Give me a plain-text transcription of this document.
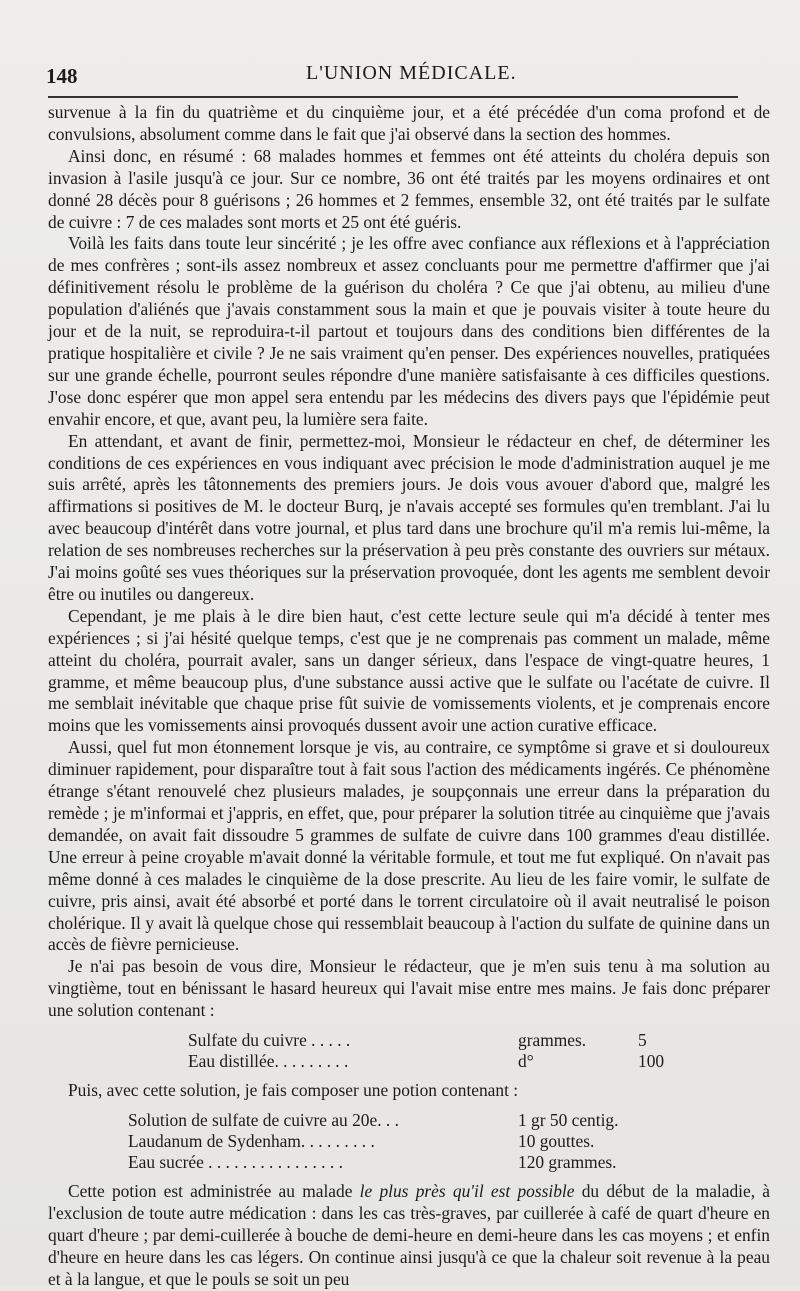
148	L'UNION MÉDICALE.

survenue à la fin du quatrième et du cinquième jour, et a été précédée d'un coma profond et de convulsions, absolument comme dans le fait que j'ai observé dans la section des hommes.

Ainsi donc, en résumé : 68 malades hommes et femmes ont été atteints du choléra depuis son invasion à l'asile jusqu'à ce jour. Sur ce nombre, 36 ont été traités par les moyens ordinaires et ont donné 28 décès pour 8 guérisons ; 26 hommes et 2 femmes, ensemble 32, ont été traités par le sulfate de cuivre : 7 de ces malades sont morts et 25 ont été guéris.

Voilà les faits dans toute leur sincérité ; je les offre avec confiance aux réflexions et à l'appréciation de mes confrères ; sont-ils assez nombreux et assez concluants pour me permettre d'affirmer que j'ai définitivement résolu le problème de la guérison du choléra ? Ce que j'ai obtenu, au milieu d'une population d'aliénés que j'avais constamment sous la main et que je pouvais visiter à toute heure du jour et de la nuit, se reproduira-t-il partout et toujours dans des conditions bien différentes de la pratique hospitalière et civile ? Je ne sais vraiment qu'en penser. Des expériences nouvelles, pratiquées sur une grande échelle, pourront seules répondre d'une manière satisfaisante à ces difficiles questions. J'ose donc espérer que mon appel sera entendu par les médecins des divers pays que l'épidémie peut envahir encore, et que, avant peu, la lumière sera faite.

En attendant, et avant de finir, permettez-moi, Monsieur le rédacteur en chef, de déterminer les conditions de ces expériences en vous indiquant avec précision le mode d'administration auquel je me suis arrêté, après les tâtonnements des premiers jours. Je dois vous avouer d'abord que, malgré les affirmations si positives de M. le docteur Burq, je n'avais accepté ses formules qu'en tremblant. J'ai lu avec beaucoup d'intérêt dans votre journal, et plus tard dans une brochure qu'il m'a remis lui-même, la relation de ses nombreuses recherches sur la préservation à peu près constante des ouvriers sur métaux. J'ai moins goûté ses vues théoriques sur la préservation provoquée, dont les agents me semblent devoir être ou inutiles ou dangereux.

Cependant, je me plais à le dire bien haut, c'est cette lecture seule qui m'a décidé à tenter mes expériences ; si j'ai hésité quelque temps, c'est que je ne comprenais pas comment un malade, même atteint du choléra, pourrait avaler, sans un danger sérieux, dans l'espace de vingt-quatre heures, 1 gramme, et même beaucoup plus, d'une substance aussi active que le sulfate ou l'acétate de cuivre. Il me semblait inévitable que chaque prise fût suivie de vomissements violents, et je comprenais encore moins que les vomissements ainsi provoqués dussent avoir une action curative efficace.

Aussi, quel fut mon étonnement lorsque je vis, au contraire, ce symptôme si grave et si douloureux diminuer rapidement, pour disparaître tout à fait sous l'action des médicaments ingérés. Ce phénomène étrange s'étant renouvelé chez plusieurs malades, je soupçonnais une erreur dans la préparation du remède ; je m'informai et j'appris, en effet, que, pour préparer la solution titrée au cinquième que j'avais demandée, on avait fait dissoudre 5 grammes de sulfate de cuivre dans 100 grammes d'eau distillée. Une erreur à peine croyable m'avait donné la véritable formule, et tout me fut expliqué. On n'avait pas même donné à ces malades le cinquième de la dose prescrite. Au lieu de les faire vomir, le sulfate de cuivre, pris ainsi, avait été absorbé et porté dans le torrent circulatoire où il avait neutralisé le poison cholérique. Il y avait là quelque chose qui ressemblait beaucoup à l'action du sulfate de quinine dans un accès de fièvre pernicieuse.

Je n'ai pas besoin de vous dire, Monsieur le rédacteur, que je m'en suis tenu à ma solution au vingtième, tout en bénissant le hasard heureux qui l'avait mise entre mes mains. Je fais donc préparer une solution contenant :

Sulfate du cuivre . . . . .	grammes.	5
Eau distillée. . . . . . . . .	d°	100

Puis, avec cette solution, je fais composer une potion contenant :

Solution de sulfate de cuivre au 20e. . .	1 gr 50 centig.
Laudanum de Sydenham. . . . . . . . .	10 gouttes.
Eau sucrée . . . . . . . . . . . . . . . .	120 grammes.

Cette potion est administrée au malade le plus près qu'il est possible du début de la maladie, à l'exclusion de toute autre médication : dans les cas très-graves, par cuillerée à café de quart d'heure en quart d'heure ; par demi-cuillerée à bouche de demi-heure en demi-heure dans les cas moyens ; et enfin d'heure en heure dans les cas légers. On continue ainsi jusqu'à ce que la chaleur soit revenue à la peau et à la langue, et que le pouls se soit un peu
